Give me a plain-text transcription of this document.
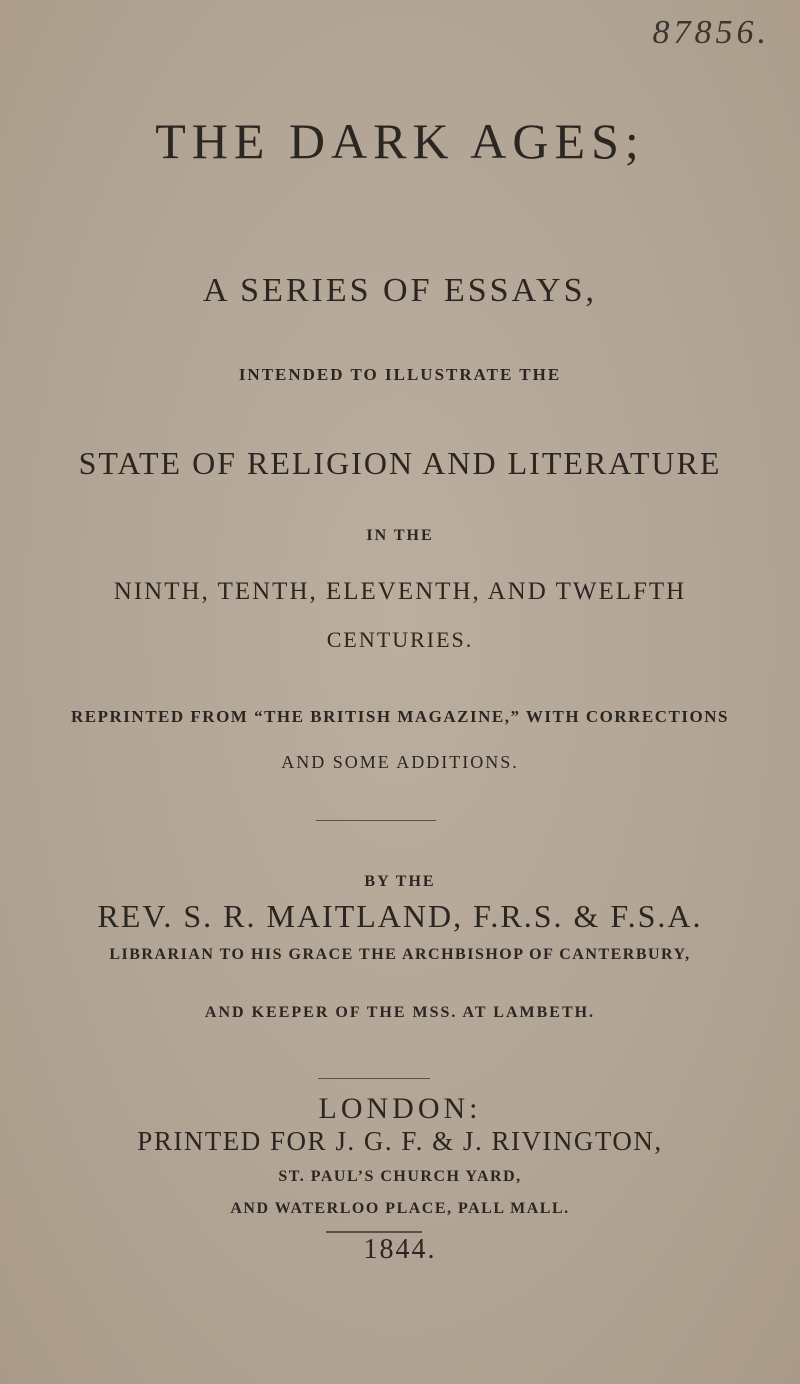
87856.
THE DARK AGES;
A SERIES OF ESSAYS,
INTENDED TO ILLUSTRATE THE
STATE OF RELIGION AND LITERATURE
IN THE
NINTH, TENTH, ELEVENTH, AND TWELFTH
CENTURIES.
REPRINTED FROM “THE BRITISH MAGAZINE,” WITH CORRECTIONS
AND SOME ADDITIONS.
BY THE
REV. S. R. MAITLAND, F.R.S. & F.S.A.
LIBRARIAN TO HIS GRACE THE ARCHBISHOP OF CANTERBURY,
AND KEEPER OF THE MSS. AT LAMBETH.
LONDON:
PRINTED FOR J. G. F. & J. RIVINGTON,
ST. PAUL’S CHURCH YARD,
AND WATERLOO PLACE, PALL MALL.
1844.
